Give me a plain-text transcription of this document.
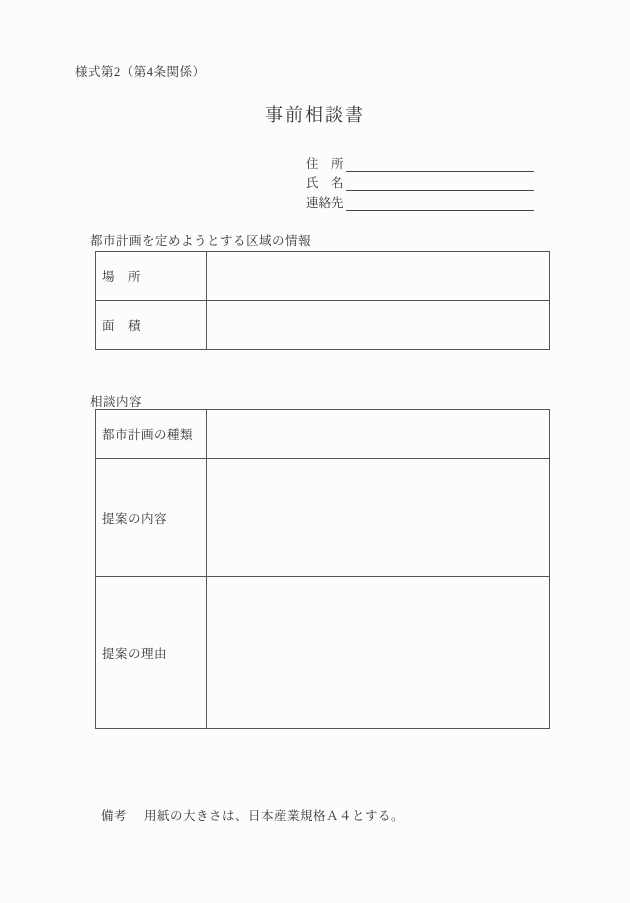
様式第2（第4条関係）
事前相談書
住　所
氏　名
連絡先
都市計画を定めようとする区域の情報
場　所	
面　積	
相談内容
都市計画の種類	
提案の内容	
提案の理由	
備考 用紙の大きさは、日本産業規格Ａ４とする。
